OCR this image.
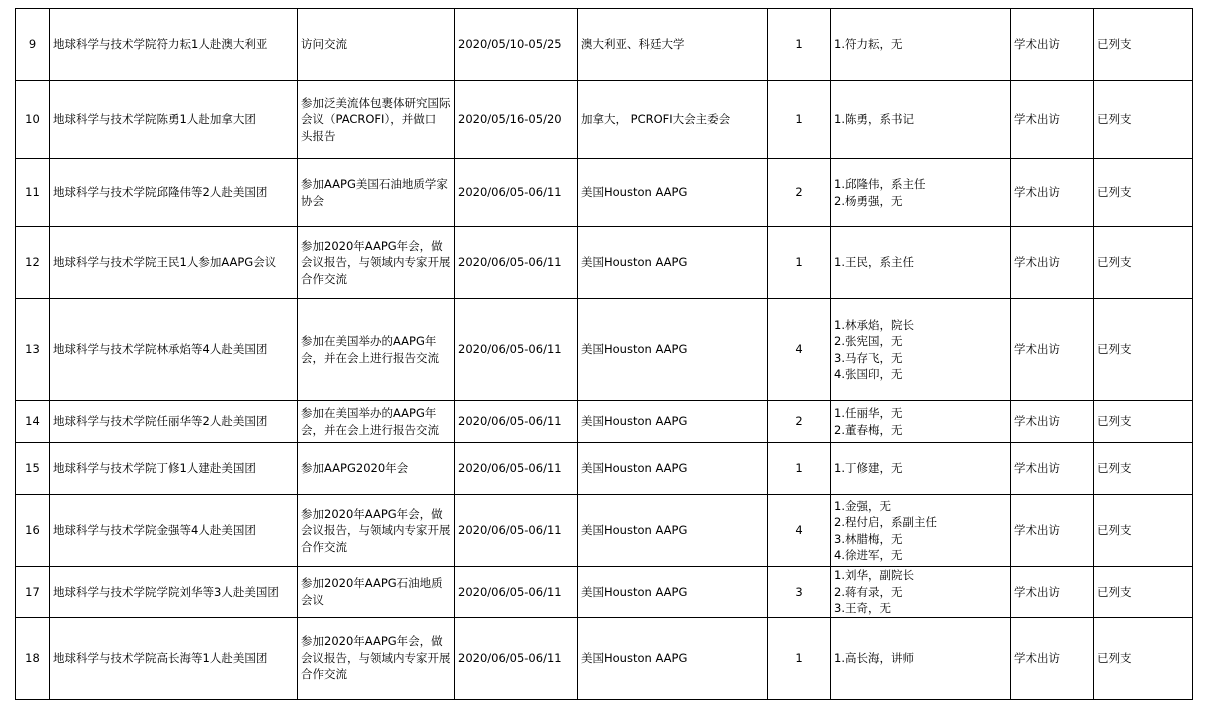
9	地球科学与技术学院符力耘1人赴澳大利亚	访问交流	2020/05/10-05/25	澳大利亚、科廷大学	1	1.符力耘，无	学术出访	已列支
10	地球科学与技术学院陈勇1人赴加拿大团	参加泛美流体包裹体研究国际
会议（PACROFI），并做口
头报告	2020/05/16-05/20	加拿大， PCROFI大会主委会	1	1.陈勇，系书记	学术出访	已列支
11	地球科学与技术学院邱隆伟等2人赴美国团	参加AAPG美国石油地质学家
协会	2020/06/05-06/11	美国Houston AAPG	2	1.邱隆伟，系主任
2.杨勇强，无	学术出访	已列支
12	地球科学与技术学院王民1人参加AAPG会议	参加2020年AAPG年会，做
会议报告，与领域内专家开展
合作交流	2020/06/05-06/11	美国Houston AAPG	1	1.王民，系主任	学术出访	已列支
13	地球科学与技术学院林承焰等4人赴美国团	参加在美国举办的AAPG年
会，并在会上进行报告交流	2020/06/05-06/11	美国Houston AAPG	4	1.林承焰，院长
2.张宪国，无
3.马存飞，无
4.张国印，无	学术出访	已列支
14	地球科学与技术学院任丽华等2人赴美国团	参加在美国举办的AAPG年
会，并在会上进行报告交流	2020/06/05-06/11	美国Houston AAPG	2	1.任丽华，无
2.董春梅，无	学术出访	已列支
15	地球科学与技术学院丁修1人建赴美国团	参加AAPG2020年会	2020/06/05-06/11	美国Houston AAPG	1	1.丁修建，无	学术出访	已列支
16	地球科学与技术学院金强等4人赴美国团	参加2020年AAPG年会，做
会议报告，与领域内专家开展
合作交流	2020/06/05-06/11	美国Houston AAPG	4	1.金强，无
2.程付启，系副主任
3.林腊梅，无
4.徐进军，无	学术出访	已列支
17	地球科学与技术学院学院刘华等3人赴美国团	参加2020年AAPG石油地质
会议	2020/06/05-06/11	美国Houston AAPG	3	1.刘华，副院长
2.蒋有录，无
3.王奇，无	学术出访	已列支
18	地球科学与技术学院高长海等1人赴美国团	参加2020年AAPG年会，做
会议报告，与领域内专家开展
合作交流	2020/06/05-06/11	美国Houston AAPG	1	1.高长海，讲师	学术出访	已列支
